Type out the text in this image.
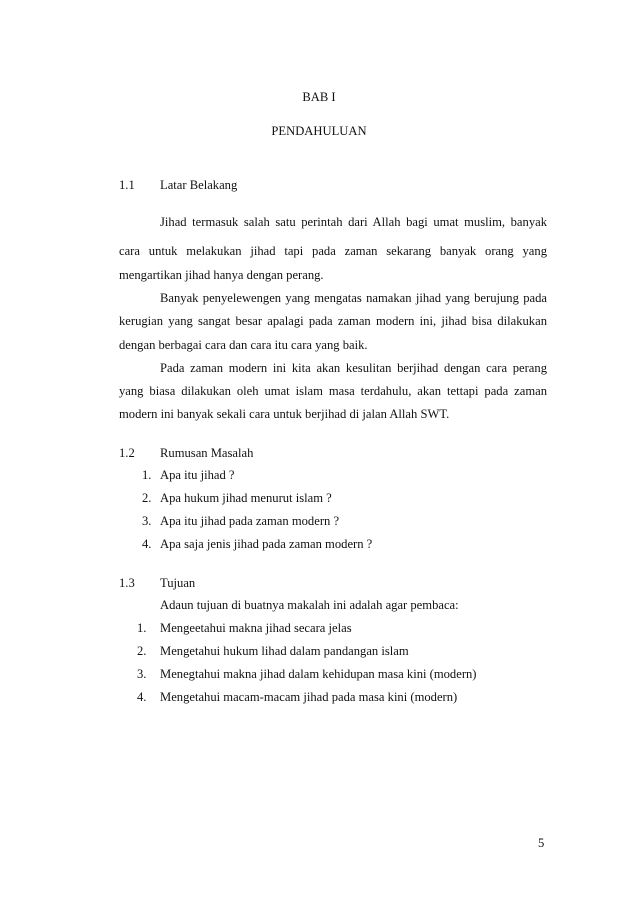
BAB I
PENDAHULUAN
1.1 Latar Belakang
Jihad termasuk salah satu perintah dari Allah bagi umat muslim, banyak
cara untuk melakukan jihad tapi pada zaman sekarang banyak orang yang
mengartikan jihad hanya dengan perang.
Banyak penyelewengen yang mengatas namakan jihad yang berujung pada
kerugian yang sangat besar apalagi pada zaman modern ini, jihad bisa dilakukan
dengan berbagai cara dan cara itu cara yang baik.
Pada zaman modern ini kita akan kesulitan berjihad dengan cara perang
yang biasa dilakukan oleh umat islam masa terdahulu, akan tettapi pada zaman
modern ini banyak sekali cara untuk berjihad di jalan Allah SWT.
1.2 Rumusan Masalah
1. Apa itu jihad ?
2. Apa hukum jihad menurut islam ?
3. Apa itu jihad pada zaman modern ?
4. Apa saja jenis jihad pada zaman modern ?
1.3 Tujuan
Adaun tujuan di buatnya makalah ini adalah agar pembaca:
1. Mengeetahui makna jihad secara jelas
2. Mengetahui hukum lihad dalam pandangan islam
3. Menegtahui makna jihad dalam kehidupan masa kini (modern)
4. Mengetahui macam-macam jihad pada masa kini (modern)
5
